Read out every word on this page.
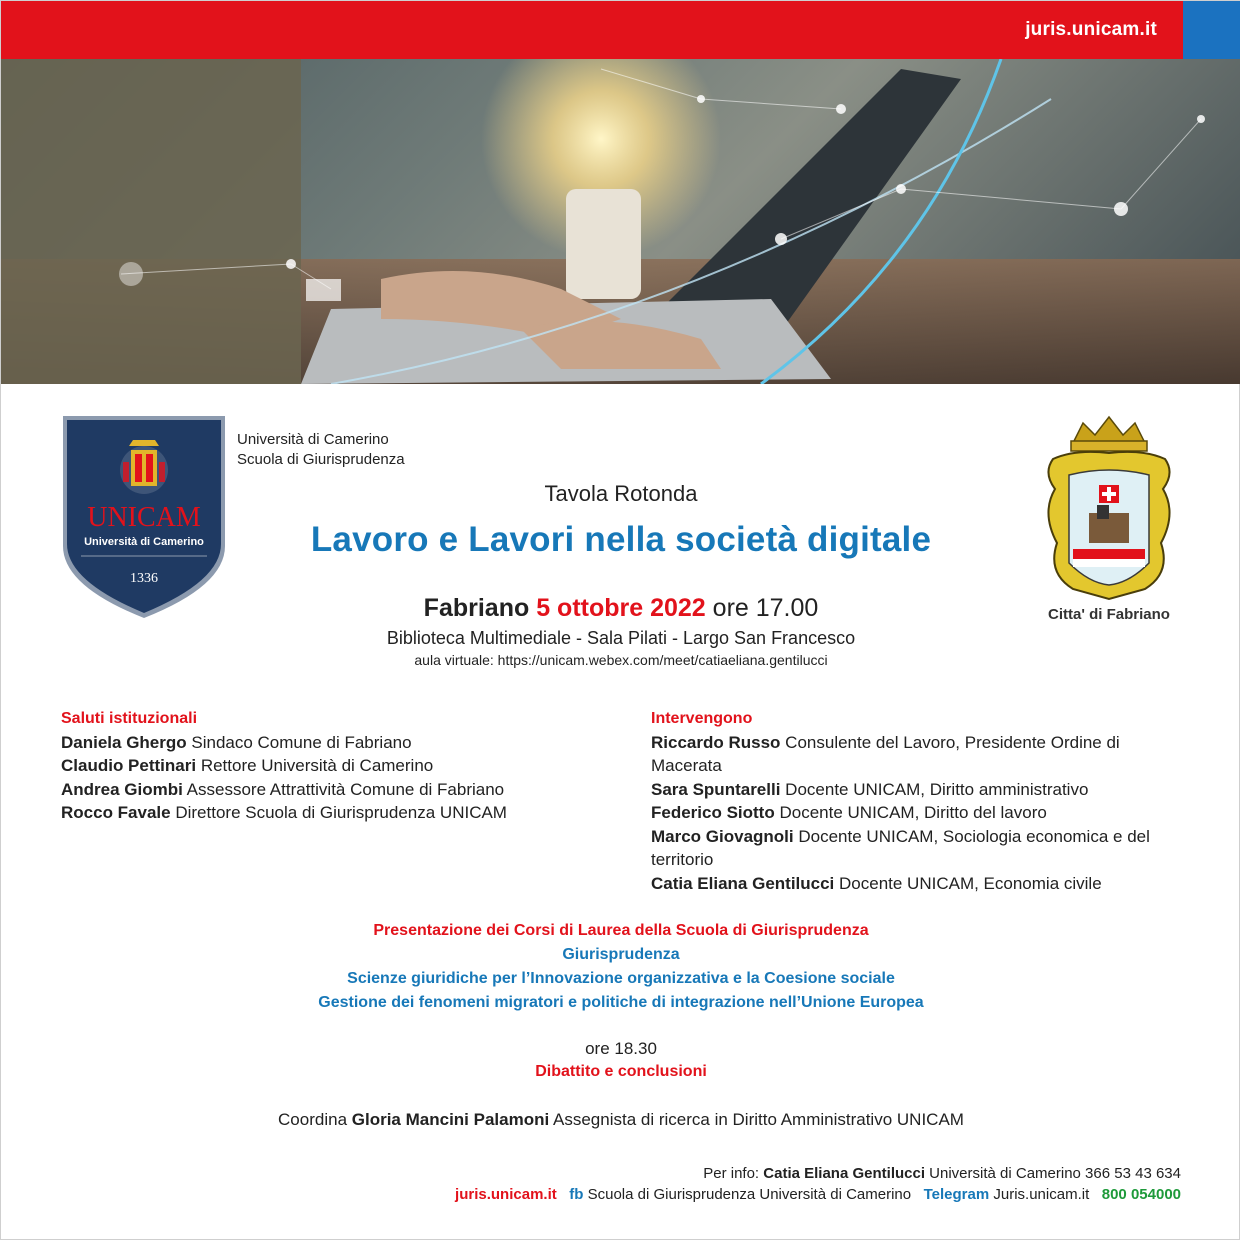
juris.unicam.it
UNICAM
Università di Camerino
1336
Università di Camerino
Scuola di Giurisprudenza
Citta' di Fabriano
Tavola Rotonda
Lavoro e Lavori nella società digitale
Fabriano 5 ottobre 2022 ore 17.00
Biblioteca Multimediale - Sala Pilati - Largo San Francesco
aula virtuale: https://unicam.webex.com/meet/catiaeliana.gentilucci
Saluti istituzionali
Daniela Ghergo Sindaco Comune di Fabriano
Claudio Pettinari Rettore Università di Camerino
Andrea Giombi Assessore Attrattività Comune di Fabriano
Rocco Favale Direttore Scuola di Giurisprudenza UNICAM
Intervengono
Riccardo Russo Consulente del Lavoro, Presidente Ordine di Macerata
Sara Spuntarelli Docente UNICAM, Diritto amministrativo
Federico Siotto Docente UNICAM, Diritto del lavoro
Marco Giovagnoli Docente UNICAM, Sociologia economica e del territorio
Catia Eliana Gentilucci Docente UNICAM, Economia civile
Presentazione dei Corsi di Laurea della Scuola di Giurisprudenza
Giurisprudenza
Scienze giuridiche per l’Innovazione organizzativa e la Coesione sociale
Gestione dei fenomeni migratori e politiche di integrazione nell’Unione Europea
ore 18.30
Dibattito e conclusioni
Coordina Gloria Mancini Palamoni Assegnista di ricerca in Diritto Amministrativo UNICAM
Per info: Catia Eliana Gentilucci Università di Camerino 366 53 43 634
juris.unicam.it fb Scuola di Giurisprudenza Università di Camerino Telegram Juris.unicam.it 800 054000
